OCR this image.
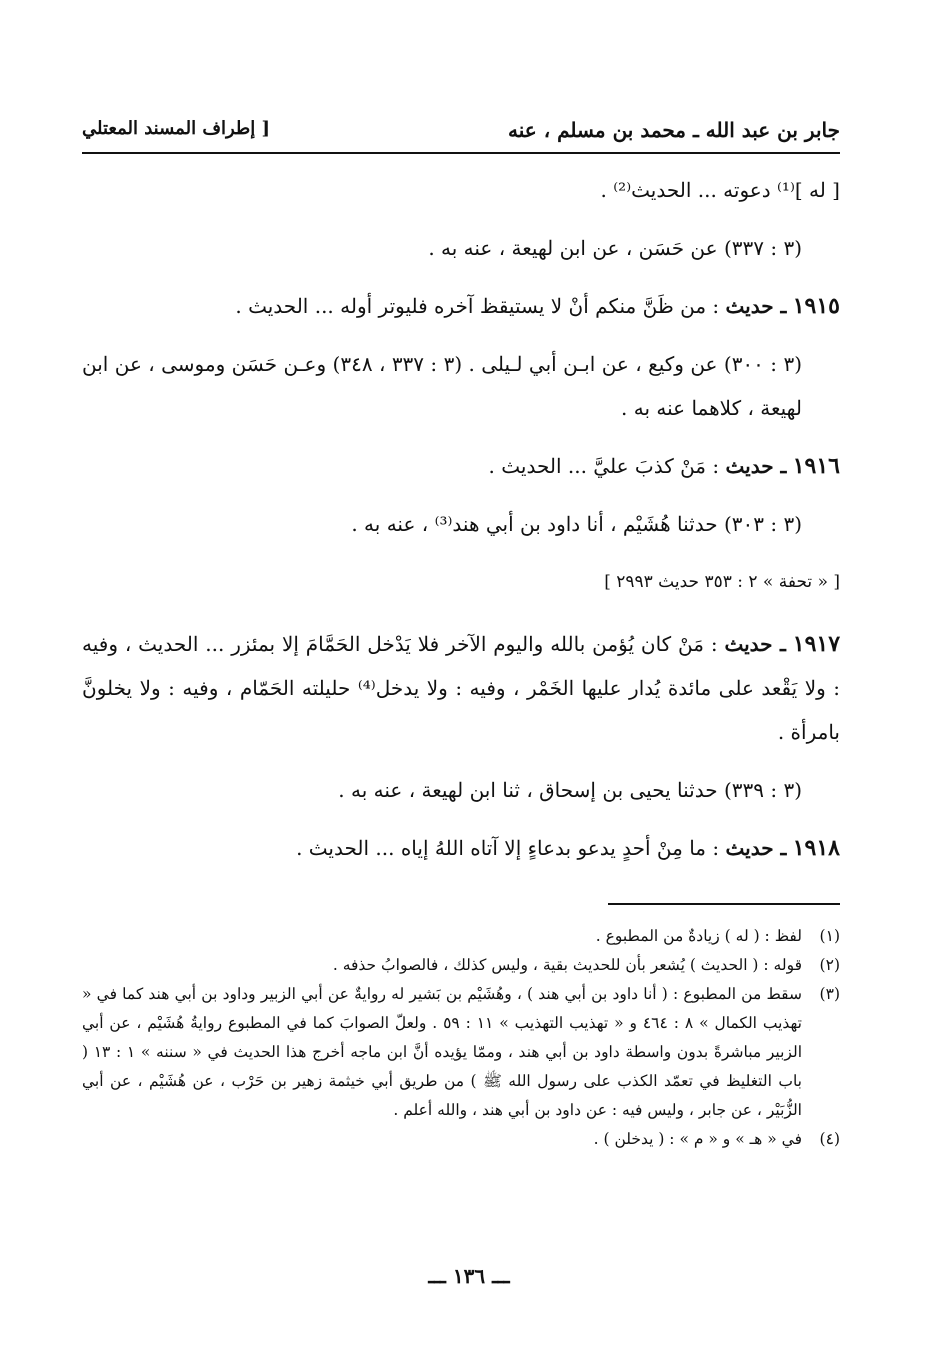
جابر بن عبد الله ـ محمد بن مسلم ، عنه
[ إطراف المسند المعتلي

[ له ]⁽¹⁾ دعوته ... الحديث⁽²⁾ .

(٣ : ٣٣٧) عن حَسَن ، عن ابن لهيعة ، عنه به .

١٩١٥ ـ حديث : من ظَنَّ منكم أنْ لا يستيقظ آخره فليوتر أوله ... الحديث .

(٣ : ٣٠٠) عن وكيع ، عن ابـن أبي لـيلى . (٣ : ٣٣٧ ، ٣٤٨) وعـن حَسَن وموسى ، عن ابن لهيعة ، كلاهما عنه به .

١٩١٦ ـ حديث : مَنْ كذبَ عليَّ ... الحديث .

(٣ : ٣٠٣) حدثنا هُشَيْم ، أنا داود بن أبي هند⁽³⁾ ، عنه به .

[ « تحفة » ٢ : ٣٥٣ حديث ٢٩٩٣ ]

١٩١٧ ـ حديث : مَنْ كان يُؤمن بالله واليوم الآخر فلا يَدْخل الحَمَّامَ إلا بمئزر ... الحديث ، وفيه : ولا يَقْعد على مائدة يُدار عليها الخَمْر ، وفيه : ولا يدخل⁽⁴⁾ حليلته الحَمّام ، وفيه : ولا يخلونَّ بامرأة .

(٣ : ٣٣٩) حدثنا يحيى بن إسحاق ، ثنا ابن لهيعة ، عنه به .

١٩١٨ ـ حديث : ما مِنْ أحدٍ يدعو بدعاءٍ إلا آتاه اللهُ إياه ... الحديث .

(١)
لفظ : ( له ) زيادةٌ من المطبوع .
(٢)
قوله : ( الحديث ) يُشعر بأن للحديث بقية ، وليس كذلك ، فالصوابُ حذفه .
(٣)
سقط من المطبوع : ( أنا داود بن أبي هند ) ، وهُشَيْم بن بَشير له روايةٌ عن أبي الزبير وداود بن أبي هند كما في « تهذيب الكمال » ٨ : ٤٦٤ و « تهذيب التهذيب » ١١ : ٥٩ . ولعلّ الصوابَ كما في المطبوع روايةُ هُشَيْم ، عن أبي الزبير مباشرةً بدون واسطة داود بن أبي هند ، وممّا يؤيده أنَّ ابن ماجه أخرج هذا الحديث في « سننه » ١ : ١٣ ( باب التغليظ في تعمّد الكذب على رسول الله ﷺ ) من طريق أبي خيثمة زهير بن حَرْب ، عن هُشَيْم ، عن أبي الزُّبَيْر ، عن جابر ، وليس فيه : عن داود بن أبي هند ، والله أعلم .
(٤)
في « هـ » و « م » : ( يدخلن ) .
ـــ ١٣٦ ـــ
